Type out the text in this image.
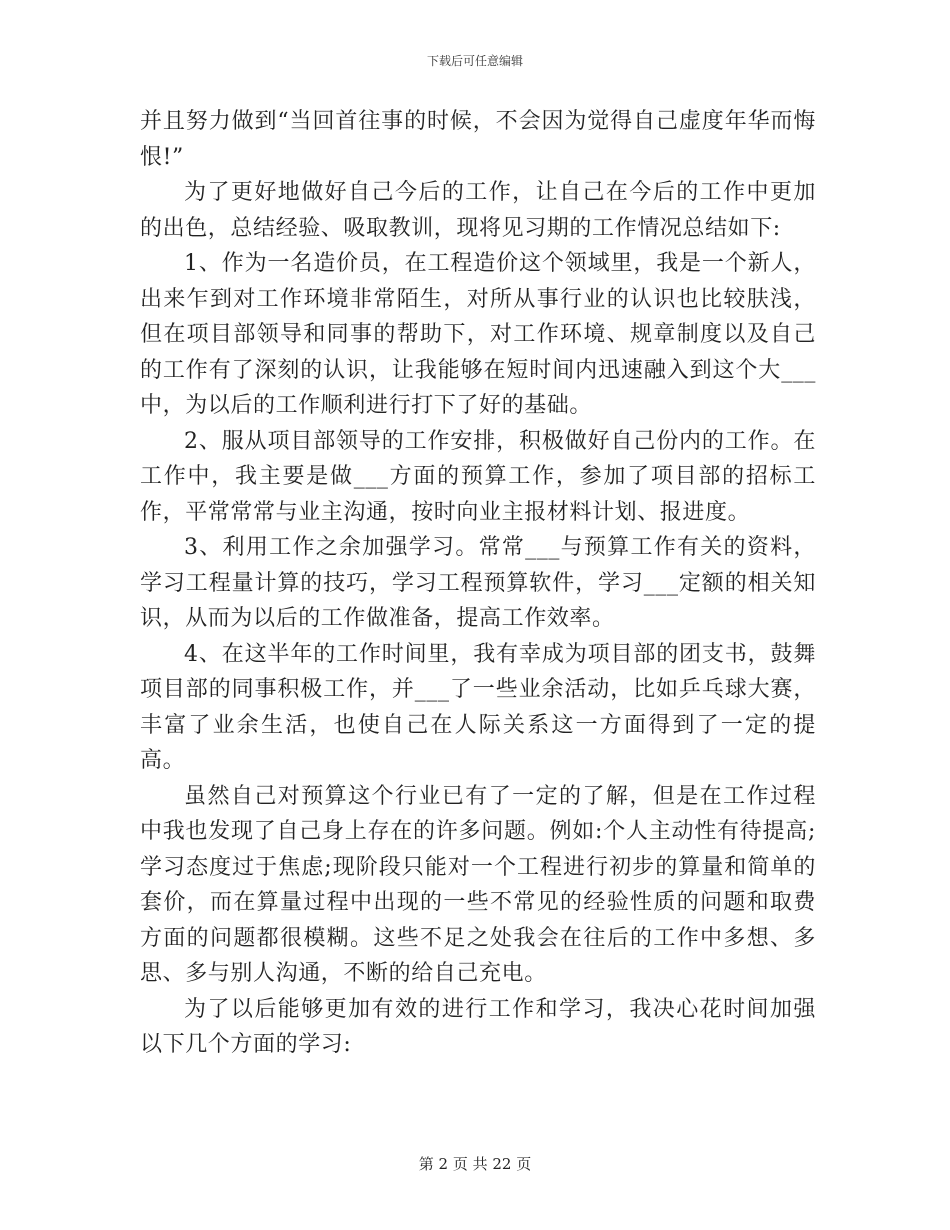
下载后可任意编辑

并且努力做到“当回首往事的时候，不会因为觉得自己虚度年华而悔恨!”

为了更好地做好自己今后的工作，让自己在今后的工作中更加的出色，总结经验、吸取教训，现将见习期的工作情况总结如下:

1、作为一名造价员，在工程造价这个领域里，我是一个新人，出来乍到对工作环境非常陌生，对所从事行业的认识也比较肤浅，但在项目部领导和同事的帮助下，对工作环境、规章制度以及自己的工作有了深刻的认识，让我能够在短时间内迅速融入到这个大___中，为以后的工作顺利进行打下了好的基础。

2、服从项目部领导的工作安排，积极做好自己份内的工作。在工作中，我主要是做___方面的预算工作，参加了项目部的招标工作，平常常常与业主沟通，按时向业主报材料计划、报进度。

3、利用工作之余加强学习。常常___与预算工作有关的资料，学习工程量计算的技巧，学习工程预算软件，学习___定额的相关知识，从而为以后的工作做准备，提高工作效率。

4、在这半年的工作时间里，我有幸成为项目部的团支书，鼓舞项目部的同事积极工作，并___了一些业余活动，比如乒乓球大赛，丰富了业余生活，也使自己在人际关系这一方面得到了一定的提高。

虽然自己对预算这个行业已有了一定的了解，但是在工作过程中我也发现了自己身上存在的许多问题。例如:个人主动性有待提高;学习态度过于焦虑;现阶段只能对一个工程进行初步的算量和简单的套价，而在算量过程中出现的一些不常见的经验性质的问题和取费方面的问题都很模糊。这些不足之处我会在往后的工作中多想、多思、多与别人沟通，不断的给自己充电。

为了以后能够更加有效的进行工作和学习，我决心花时间加强以下几个方面的学习:

第 2 页 共 22 页
